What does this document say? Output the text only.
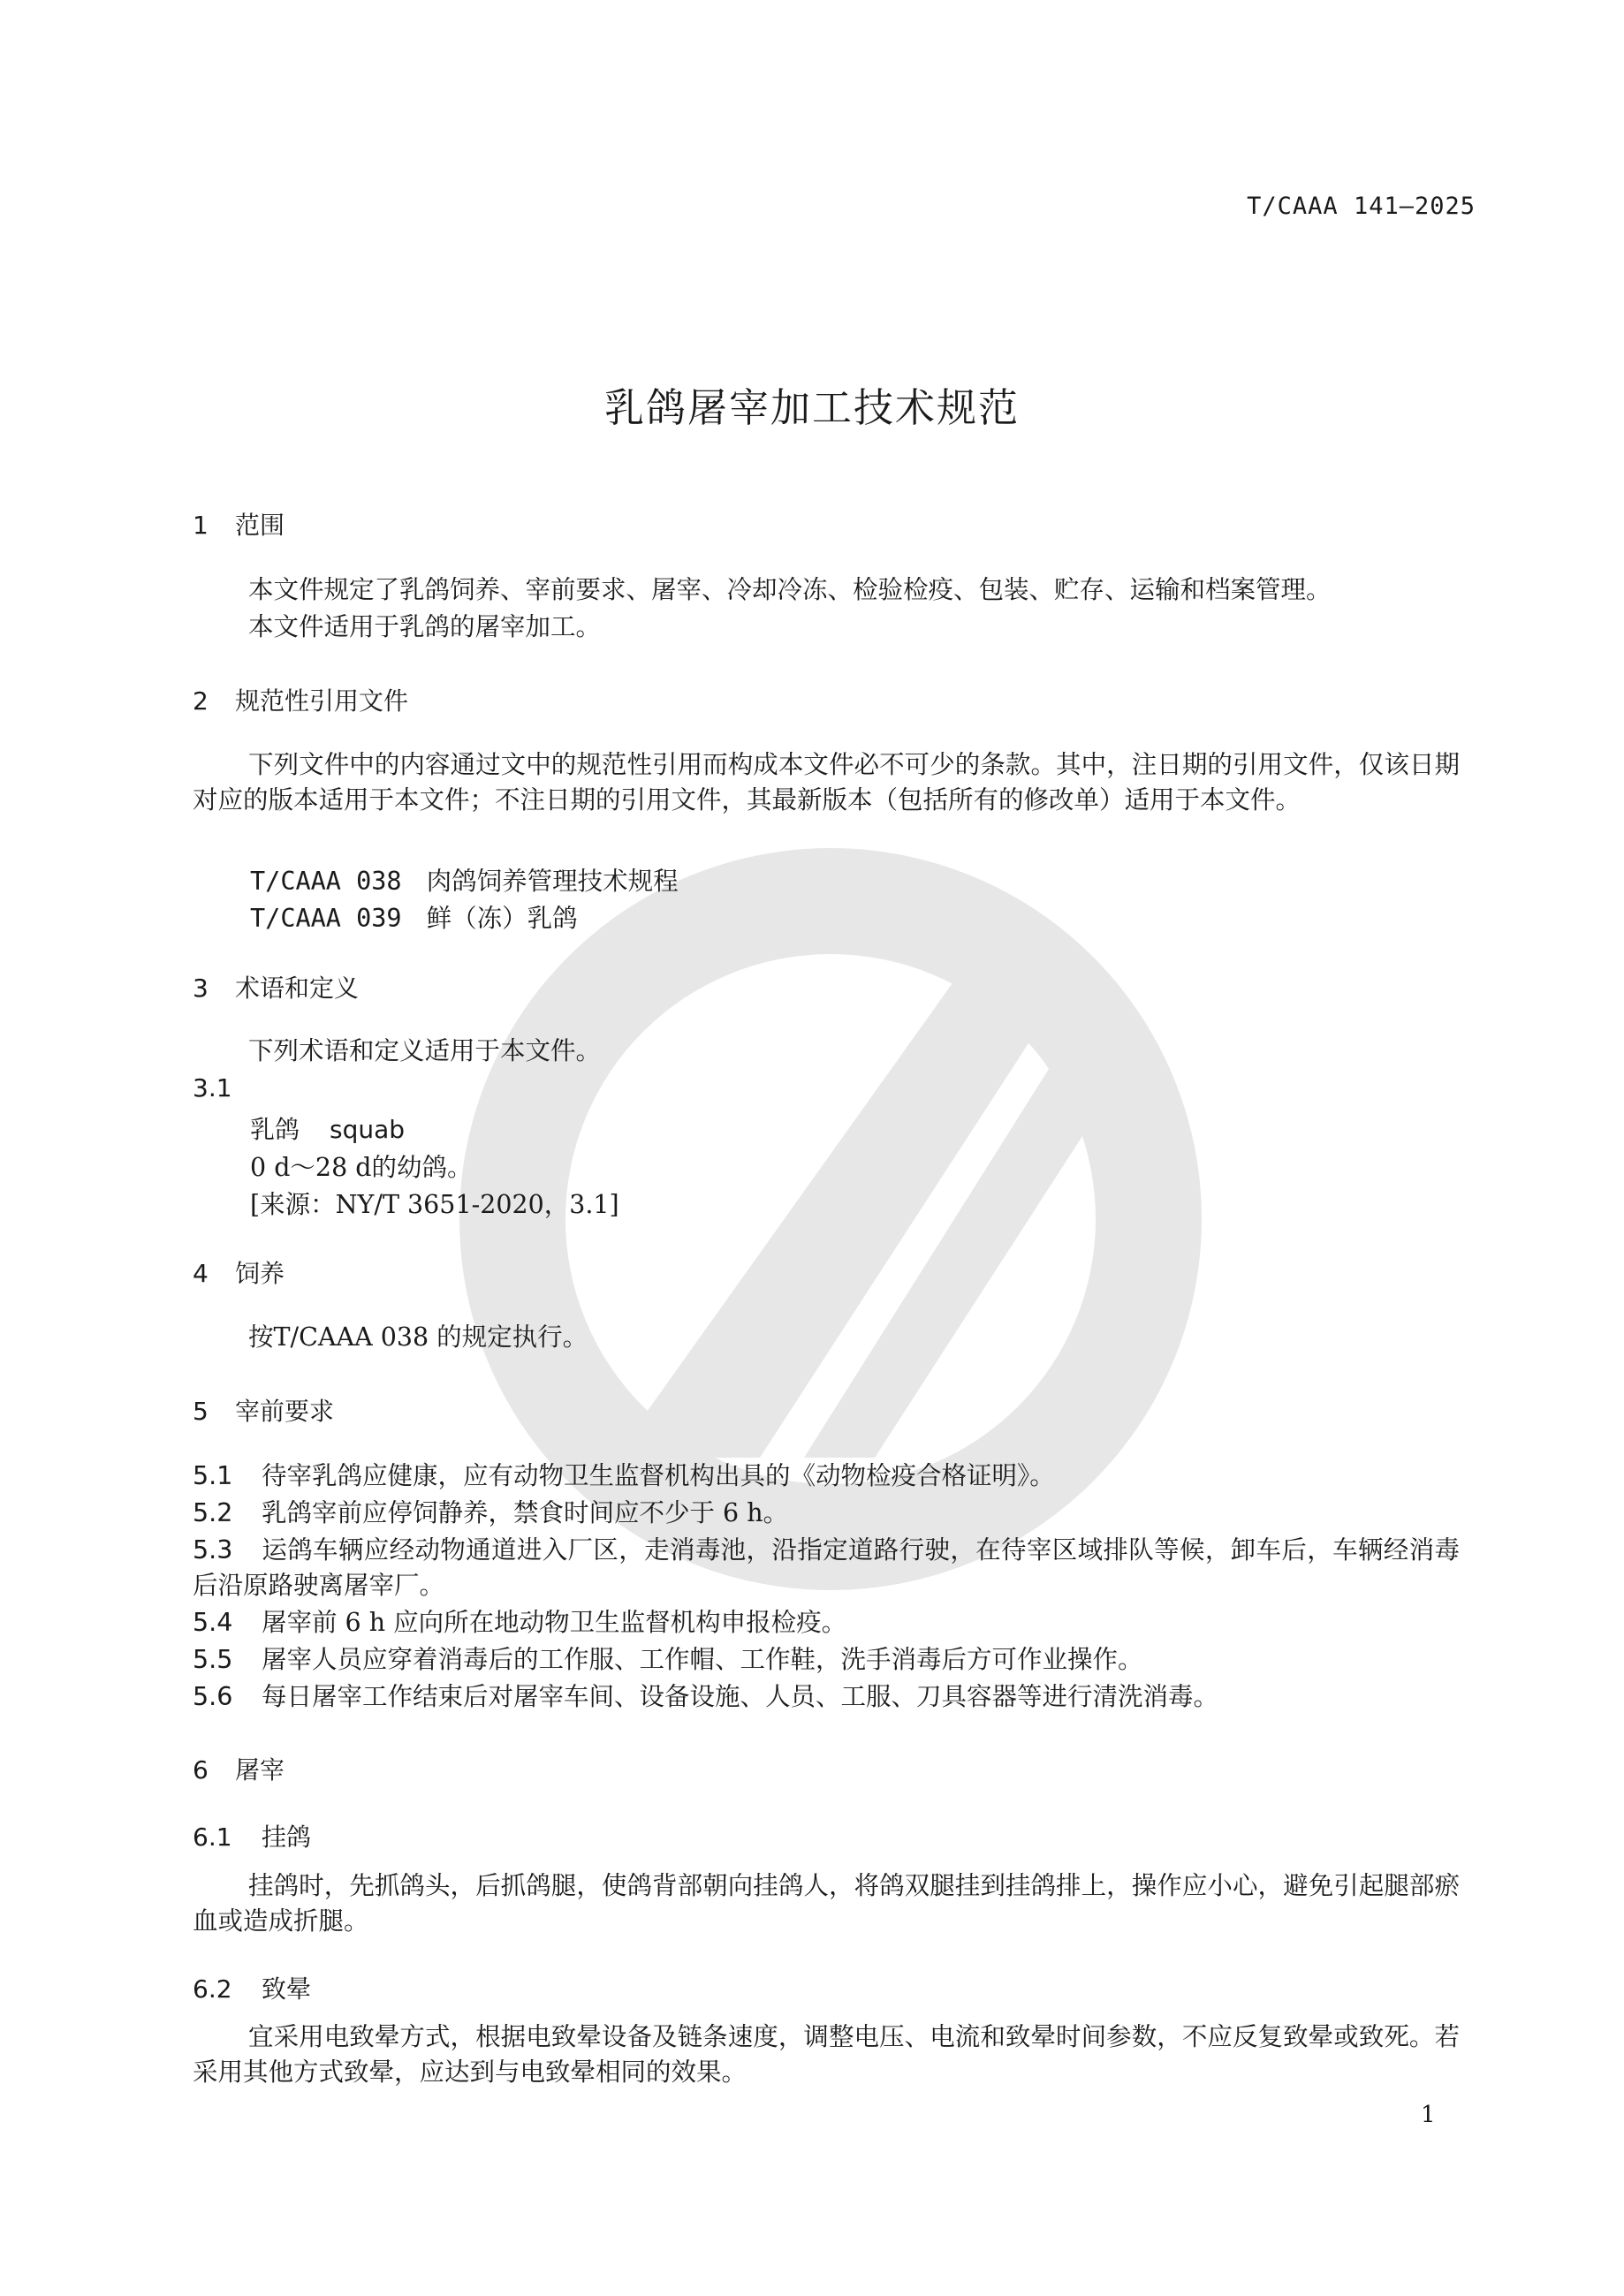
T/CAAA 141—2025
乳鸽屠宰加工技术规范
1 范围
本文件规定了乳鸽饲养、宰前要求、屠宰、冷却冷冻、检验检疫、包装、贮存、运输和档案管理。
本文件适用于乳鸽的屠宰加工。
2 规范性引用文件
下列文件中的内容通过文中的规范性引用而构成本文件必不可少的条款。其中，注日期的引用文件，仅该日期对应的版本适用于本文件；不注日期的引用文件，其最新版本（包括所有的修改单）适用于本文件。
T/CAAA 038 肉鸽饲养管理技术规程
T/CAAA 039 鲜（冻）乳鸽
3 术语和定义
下列术语和定义适用于本文件。
3.1
乳鸽 squab
0 d～28 d的幼鸽。
[来源：NY/T 3651-2020，3.1]
4 饲养
按T/CAAA 038 的规定执行。
5 宰前要求
5.1 待宰乳鸽应健康，应有动物卫生监督机构出具的《动物检疫合格证明》。
5.2 乳鸽宰前应停饲静养，禁食时间应不少于 6 h。
5.3 运鸽车辆应经动物通道进入厂区，走消毒池，沿指定道路行驶，在待宰区域排队等候，卸车后，车辆经消毒后沿原路驶离屠宰厂。
5.4 屠宰前 6 h 应向所在地动物卫生监督机构申报检疫。
5.5 屠宰人员应穿着消毒后的工作服、工作帽、工作鞋，洗手消毒后方可作业操作。
5.6 每日屠宰工作结束后对屠宰车间、设备设施、人员、工服、刀具容器等进行清洗消毒。
6 屠宰
6.1 挂鸽
挂鸽时，先抓鸽头，后抓鸽腿，使鸽背部朝向挂鸽人，将鸽双腿挂到挂鸽排上，操作应小心，避免引起腿部瘀血或造成折腿。
6.2 致晕
宜采用电致晕方式，根据电致晕设备及链条速度，调整电压、电流和致晕时间参数，不应反复致晕或致死。若采用其他方式致晕，应达到与电致晕相同的效果。
1
